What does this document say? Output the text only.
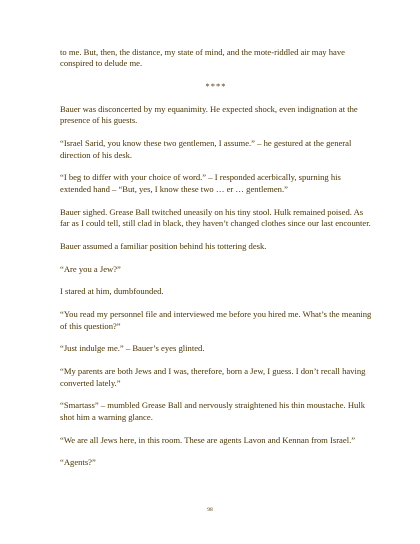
to me. But, then, the distance, my state of mind, and the mote-riddled air may have conspired to delude me.

****

Bauer was disconcerted by my equanimity. He expected shock, even indignation at the presence of his guests.

“Israel Sarid, you know these two gentlemen, I assume.” – he gestured at the general direction of his desk.

“I beg to differ with your choice of word.” – I responded acerbically, spurning his extended hand – “But, yes, I know these two … er … gentlemen.”

Bauer sighed. Grease Ball twitched uneasily on his tiny stool. Hulk remained poised. As far as I could tell, still clad in black, they haven’t changed clothes since our last encounter.

Bauer assumed a familiar position behind his tottering desk.

“Are you a Jew?”

I stared at him, dumbfounded.

“You read my personnel file and interviewed me before you hired me. What’s the meaning of this question?”

“Just indulge me.” – Bauer’s eyes glinted.

“My parents are both Jews and I was, therefore, born a Jew, I guess. I don’t recall having converted lately.”

“Smartass” – mumbled Grease Ball and nervously straightened his thin moustache. Hulk shot him a warning glance.

“We are all Jews here, in this room. These are agents Lavon and Kennan from Israel.”

“Agents?”

98
